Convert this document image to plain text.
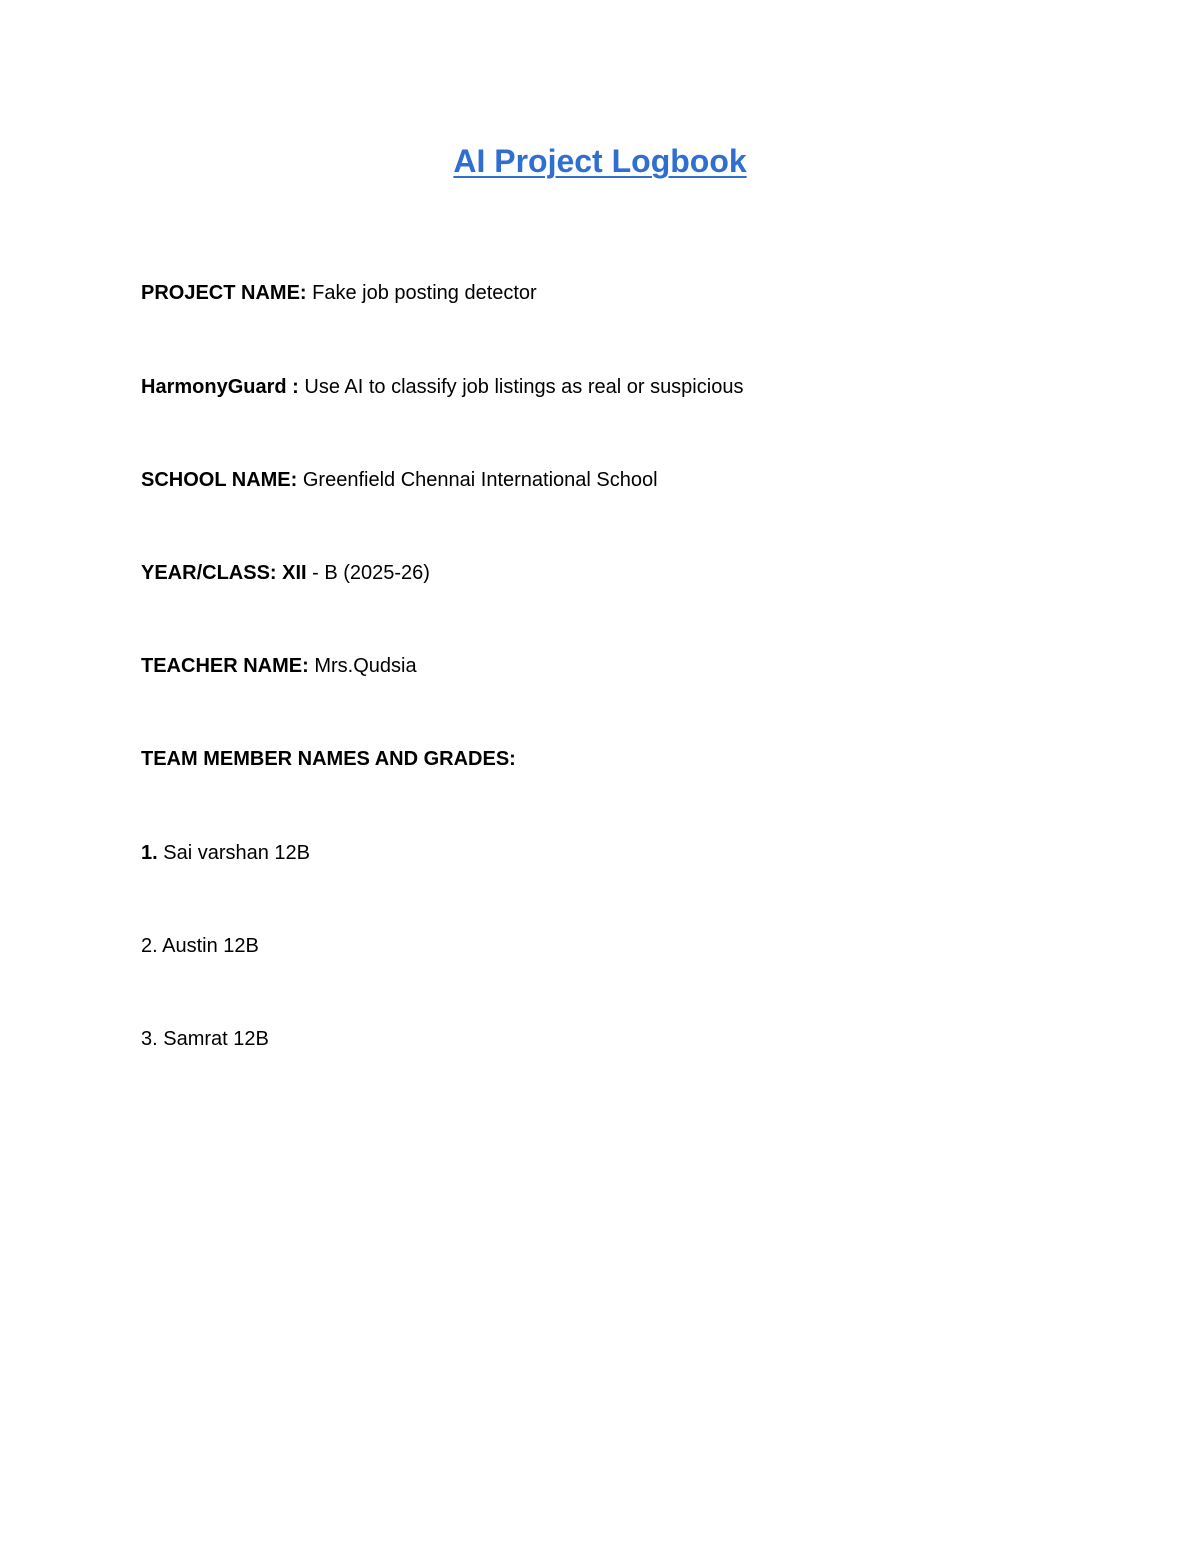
AI Project Logbook

PROJECT NAME: Fake job posting detector

HarmonyGuard : Use AI to classify job listings as real or suspicious

SCHOOL NAME: Greenfield Chennai International School

YEAR/CLASS: XII - B (2025-26)

TEACHER NAME: Mrs.Qudsia

TEAM MEMBER NAMES AND GRADES:

1. Sai varshan 12B

2. Austin 12B

3. Samrat 12B
